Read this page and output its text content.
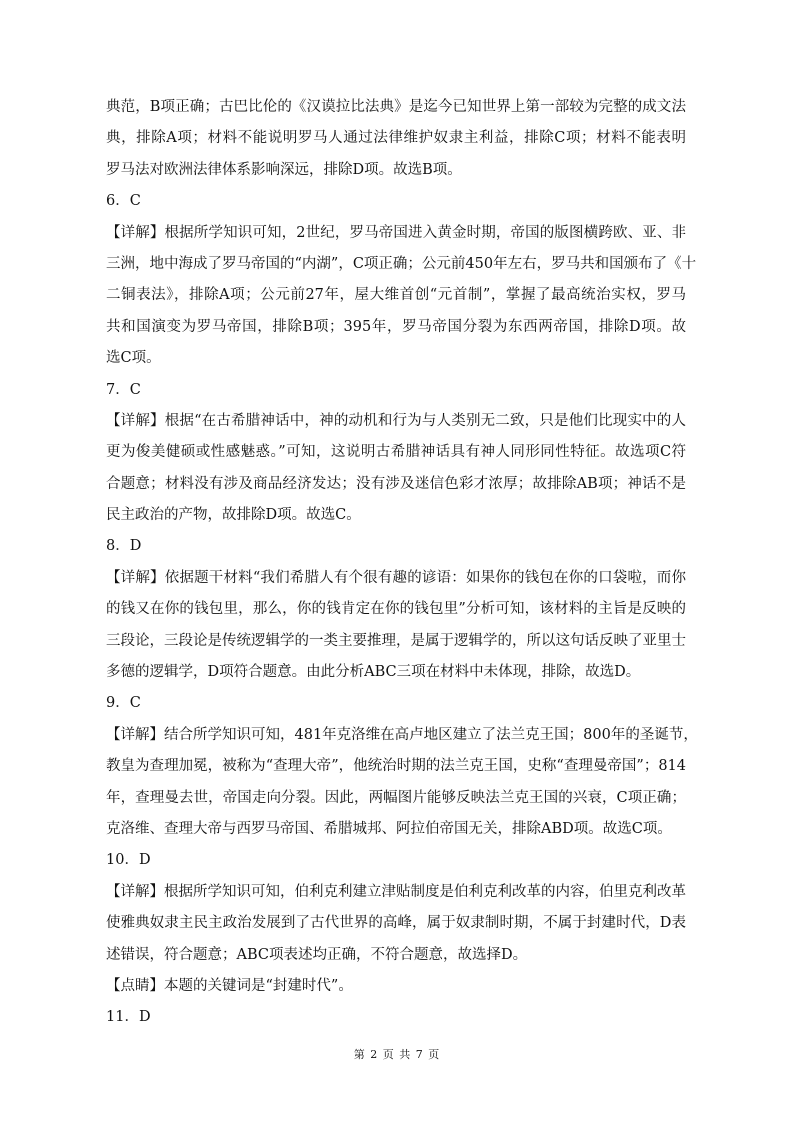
典范，B项正确；古巴比伦的《汉谟拉比法典》是迄今已知世界上第一部较为完整的成文法
典，排除A项；材料不能说明罗马人通过法律维护奴隶主利益，排除C项；材料不能表明
罗马法对欧洲法律体系影响深远，排除D项。故选B项。
6．C
【详解】根据所学知识可知，2世纪，罗马帝国进入黄金时期，帝国的版图横跨欧、亚、非
三洲，地中海成了罗马帝国的“内湖”，C项正确；公元前450年左右，罗马共和国颁布了《十
二铜表法》，排除A项；公元前27年，屋大维首创“元首制”，掌握了最高统治实权，罗马
共和国演变为罗马帝国，排除B项；395年，罗马帝国分裂为东西两帝国，排除D项。故
选C项。
7．C
【详解】根据“在古希腊神话中，神的动机和行为与人类别无二致，只是他们比现实中的人
更为俊美健硕或性感魅惑。”可知，这说明古希腊神话具有神人同形同性特征。故选项C符
合题意；材料没有涉及商品经济发达；没有涉及迷信色彩才浓厚；故排除AB项；神话不是
民主政治的产物，故排除D项。故选C。
8．D
【详解】依据题干材料“我们希腊人有个很有趣的谚语：如果你的钱包在你的口袋啦，而你
的钱又在你的钱包里，那么，你的钱肯定在你的钱包里”分析可知，该材料的主旨是反映的
三段论，三段论是传统逻辑学的一类主要推理，是属于逻辑学的，所以这句话反映了亚里士
多德的逻辑学，D项符合题意。由此分析ABC三项在材料中未体现，排除，故选D。
9．C
【详解】结合所学知识可知，481年克洛维在高卢地区建立了法兰克王国；800年的圣诞节，
教皇为查理加冕，被称为“查理大帝”，他统治时期的法兰克王国，史称“查理曼帝国”；814
年，查理曼去世，帝国走向分裂。因此，两幅图片能够反映法兰克王国的兴衰，C项正确；
克洛维、查理大帝与西罗马帝国、希腊城邦、阿拉伯帝国无关，排除ABD项。故选C项。
10．D
【详解】根据所学知识可知，伯利克利建立津贴制度是伯利克利改革的内容，伯里克利改革
使雅典奴隶主民主政治发展到了古代世界的高峰，属于奴隶制时期，不属于封建时代，D表
述错误，符合题意；ABC项表述均正确，不符合题意，故选择D。
【点睛】本题的关键词是“封建时代”。
11．D
第 2 页 共 7 页
